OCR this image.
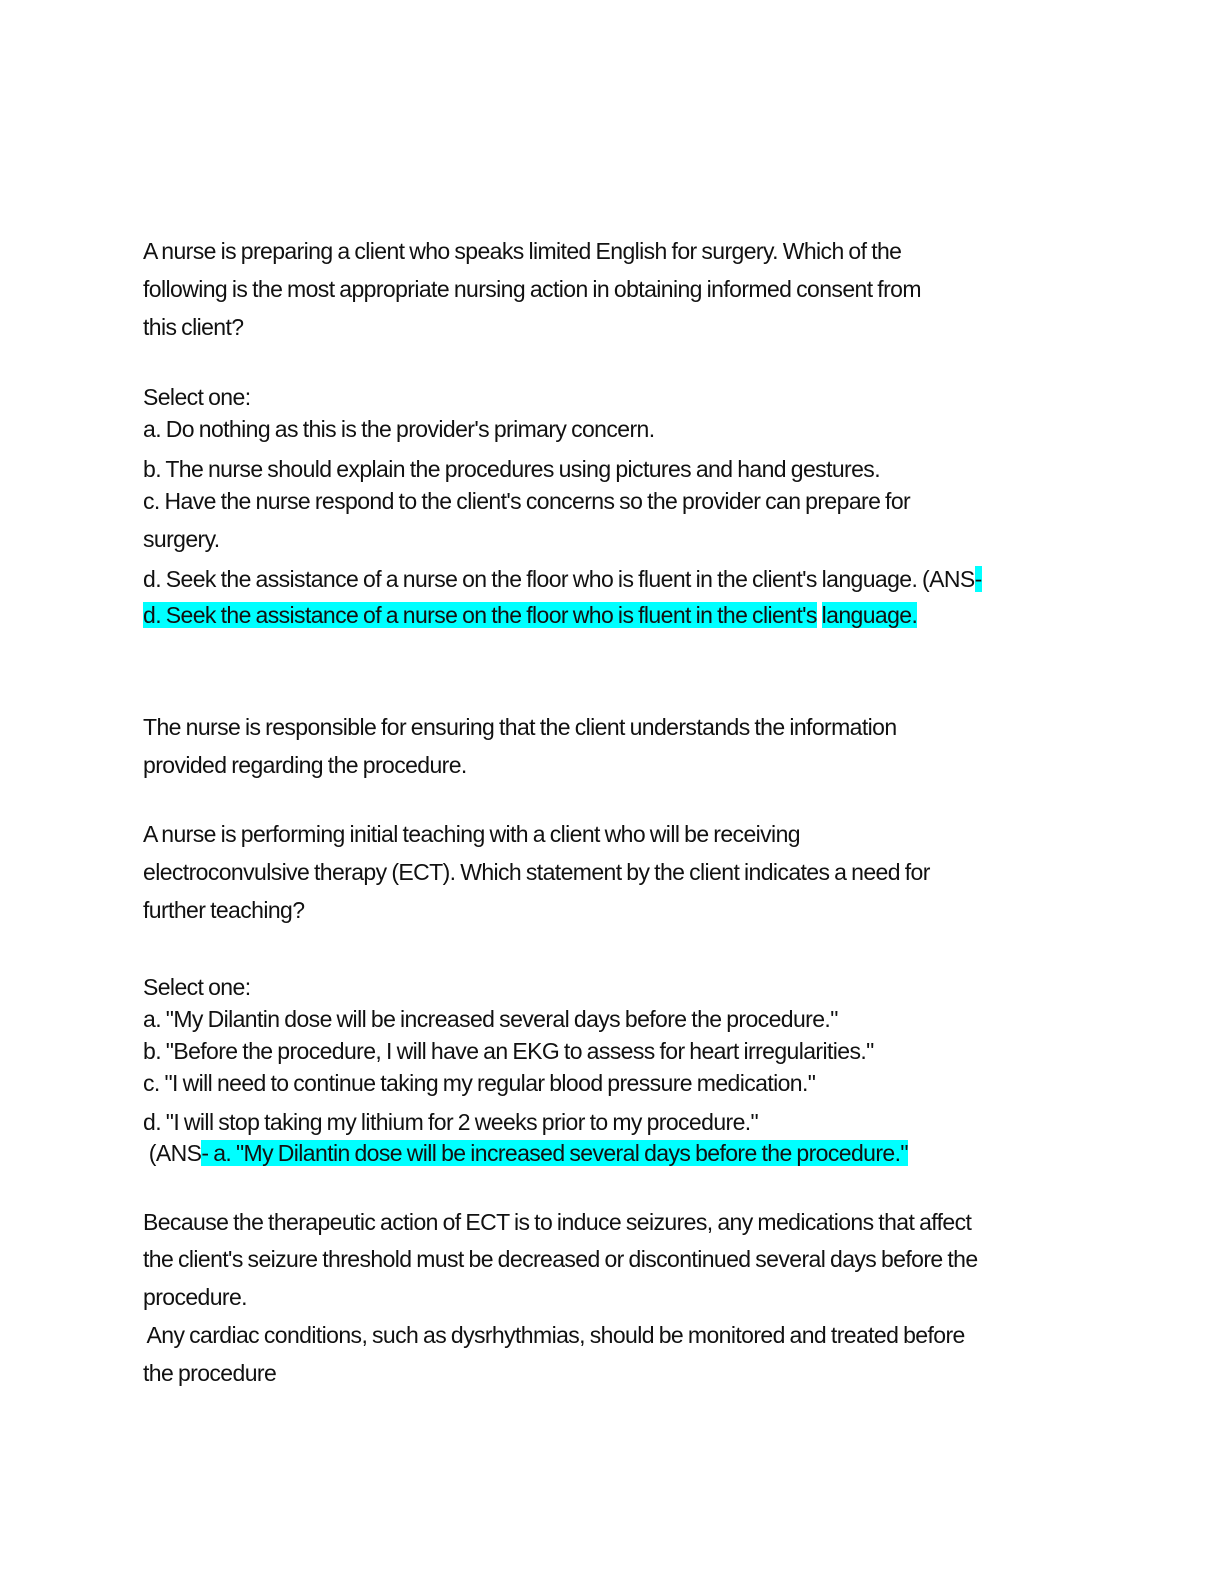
A nurse is preparing a client who speaks limited English for surgery. Which of the
following is the most appropriate nursing action in obtaining informed consent from
this client?
Select one:
a. Do nothing as this is the provider's primary concern.
b. The nurse should explain the procedures using pictures and hand gestures.
c. Have the nurse respond to the client's concerns so the provider can prepare for
surgery.
d. Seek the assistance of a nurse on the floor who is fluent in the client's language. (ANS-
d. Seek the assistance of a nurse on the floor who is fluent in the client's language.
The nurse is responsible for ensuring that the client understands the information
provided regarding the procedure.
A nurse is performing initial teaching with a client who will be receiving
electroconvulsive therapy (ECT). Which statement by the client indicates a need for
further teaching?
Select one:
a. "My Dilantin dose will be increased several days before the procedure."
b. "Before the procedure, I will have an EKG to assess for heart irregularities."
c. "I will need to continue taking my regular blood pressure medication."
d. "I will stop taking my lithium for 2 weeks prior to my procedure."
(ANS- a. "My Dilantin dose will be increased several days before the procedure."
Because the therapeutic action of ECT is to induce seizures, any medications that affect
the client's seizure threshold must be decreased or discontinued several days before the
procedure.
Any cardiac conditions, such as dysrhythmias, should be monitored and treated before
the procedure
